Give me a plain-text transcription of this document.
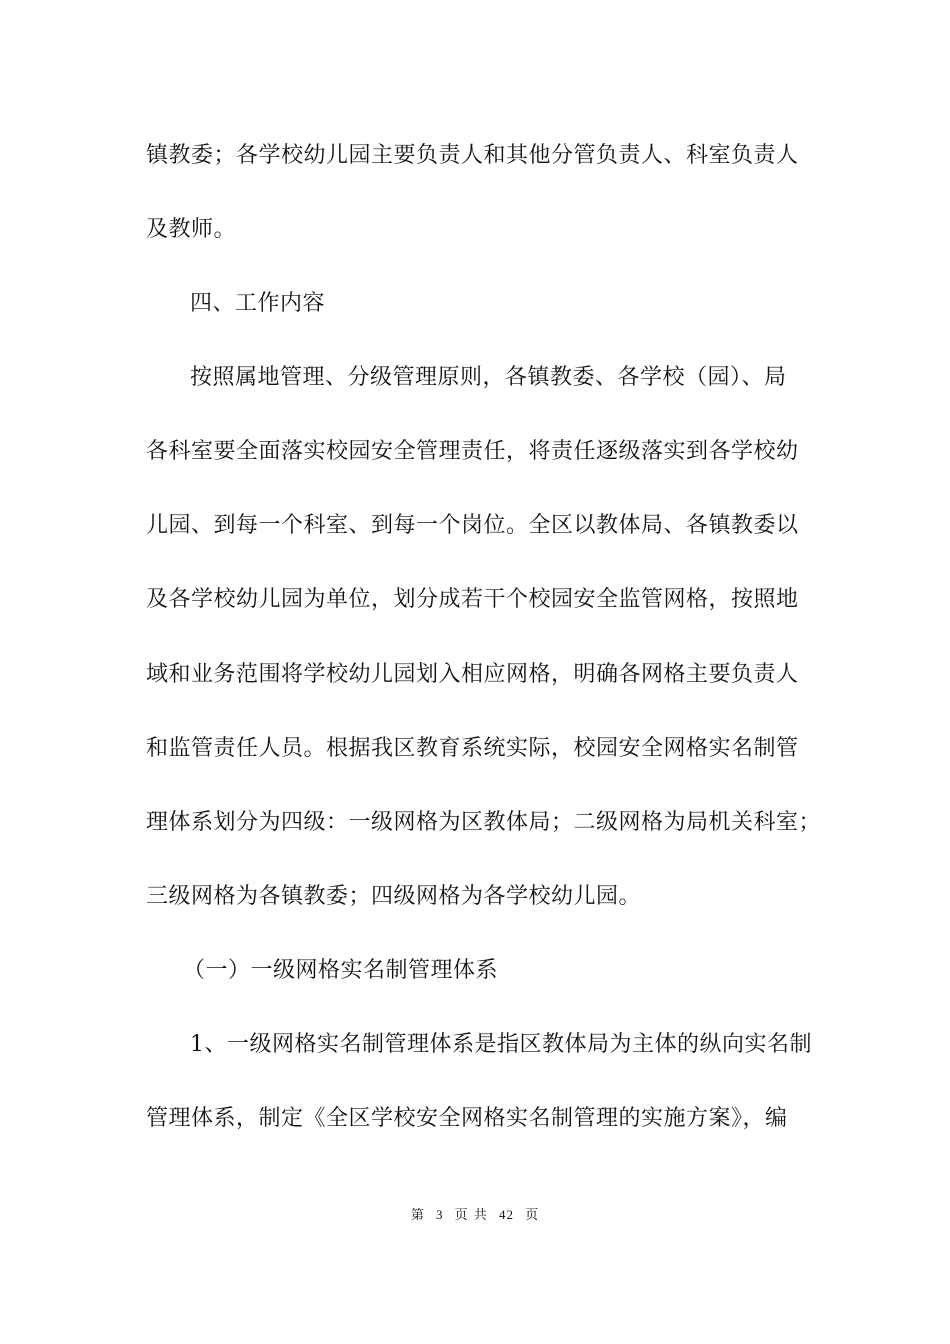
镇教委；各学校幼儿园主要负责人和其他分管负责人、科室负责人
及教师。
四、工作内容
按照属地管理、分级管理原则，各镇教委、各学校（园）、局
各科室要全面落实校园安全管理责任，将责任逐级落实到各学校幼
儿园、到每一个科室、到每一个岗位。全区以教体局、各镇教委以
及各学校幼儿园为单位，划分成若干个校园安全监管网格，按照地
域和业务范围将学校幼儿园划入相应网格，明确各网格主要负责人
和监管责任人员。根据我区教育系统实际，校园安全网格实名制管
理体系划分为四级：一级网格为区教体局；二级网格为局机关科室；
三级网格为各镇教委；四级网格为各学校幼儿园。
（一）一级网格实名制管理体系
1、一级网格实名制管理体系是指区教体局为主体的纵向实名制
管理体系，制定《全区学校安全网格实名制管理的实施方案》，编
第 3 页 共 42 页
